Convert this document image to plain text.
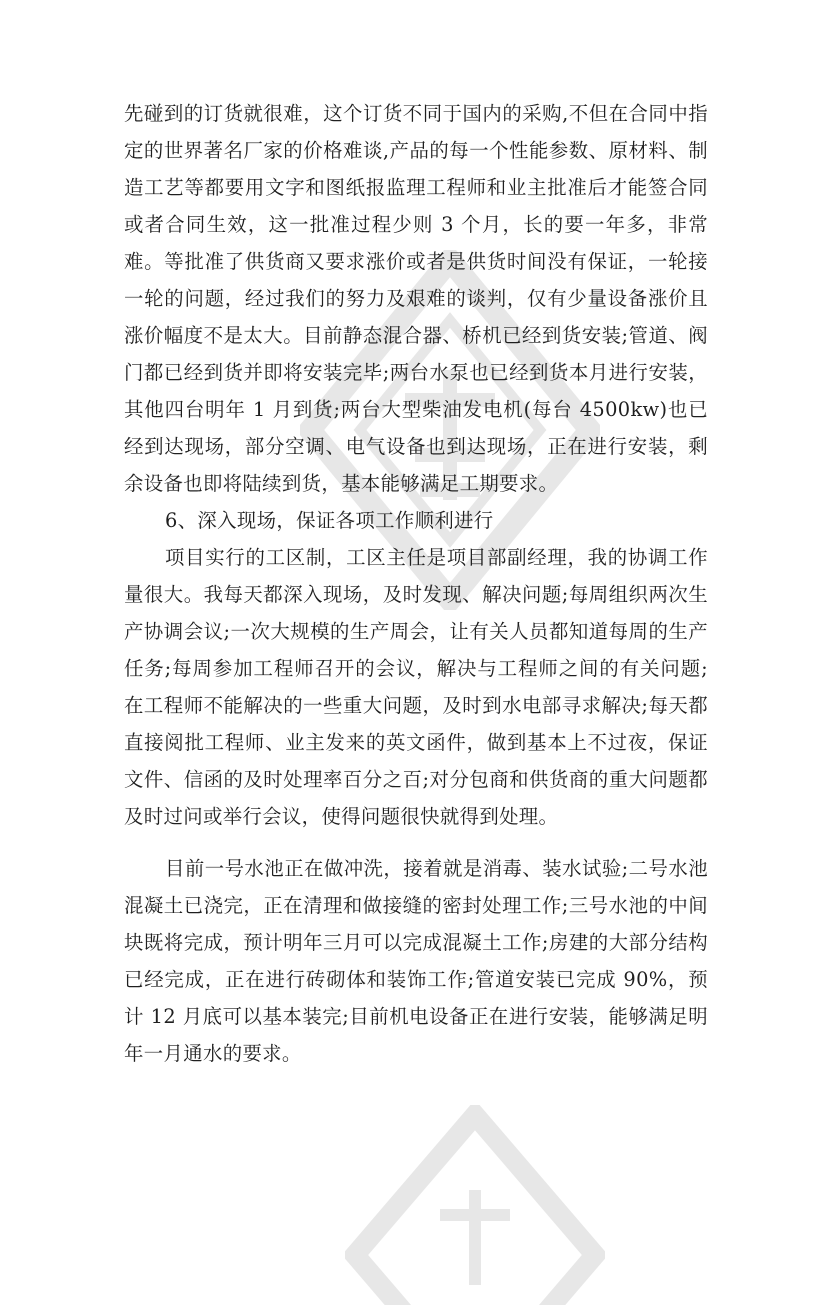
先碰到的订货就很难，这个订货不同于国内的采购,不但在合同中指定的世界著名厂家的价格难谈,产品的每一个性能参数、原材料、制造工艺等都要用文字和图纸报监理工程师和业主批准后才能签合同或者合同生效，这一批准过程少则 3 个月，长的要一年多，非常难。等批准了供货商又要求涨价或者是供货时间没有保证，一轮接一轮的问题，经过我们的努力及艰难的谈判，仅有少量设备涨价且涨价幅度不是太大。目前静态混合器、桥机已经到货安装;管道、阀门都已经到货并即将安装完毕;两台水泵也已经到货本月进行安装，其他四台明年 1 月到货;两台大型柴油发电机(每台 4500kw)也已经到达现场，部分空调、电气设备也到达现场，正在进行安装，剩余设备也即将陆续到货，基本能够满足工期要求。

6、深入现场，保证各项工作顺利进行

项目实行的工区制，工区主任是项目部副经理，我的协调工作量很大。我每天都深入现场，及时发现、解决问题;每周组织两次生产协调会议;一次大规模的生产周会，让有关人员都知道每周的生产任务;每周参加工程师召开的会议，解决与工程师之间的有关问题;在工程师不能解决的一些重大问题，及时到水电部寻求解决;每天都直接阅批工程师、业主发来的英文函件，做到基本上不过夜，保证文件、信函的及时处理率百分之百;对分包商和供货商的重大问题都及时过问或举行会议，使得问题很快就得到处理。

目前一号水池正在做冲洗，接着就是消毒、装水试验;二号水池混凝土已浇完，正在清理和做接缝的密封处理工作;三号水池的中间块既将完成，预计明年三月可以完成混凝土工作;房建的大部分结构已经完成，正在进行砖砌体和装饰工作;管道安装已完成 90%，预计 12 月底可以基本装完;目前机电设备正在进行安装，能够满足明年一月通水的要求。
